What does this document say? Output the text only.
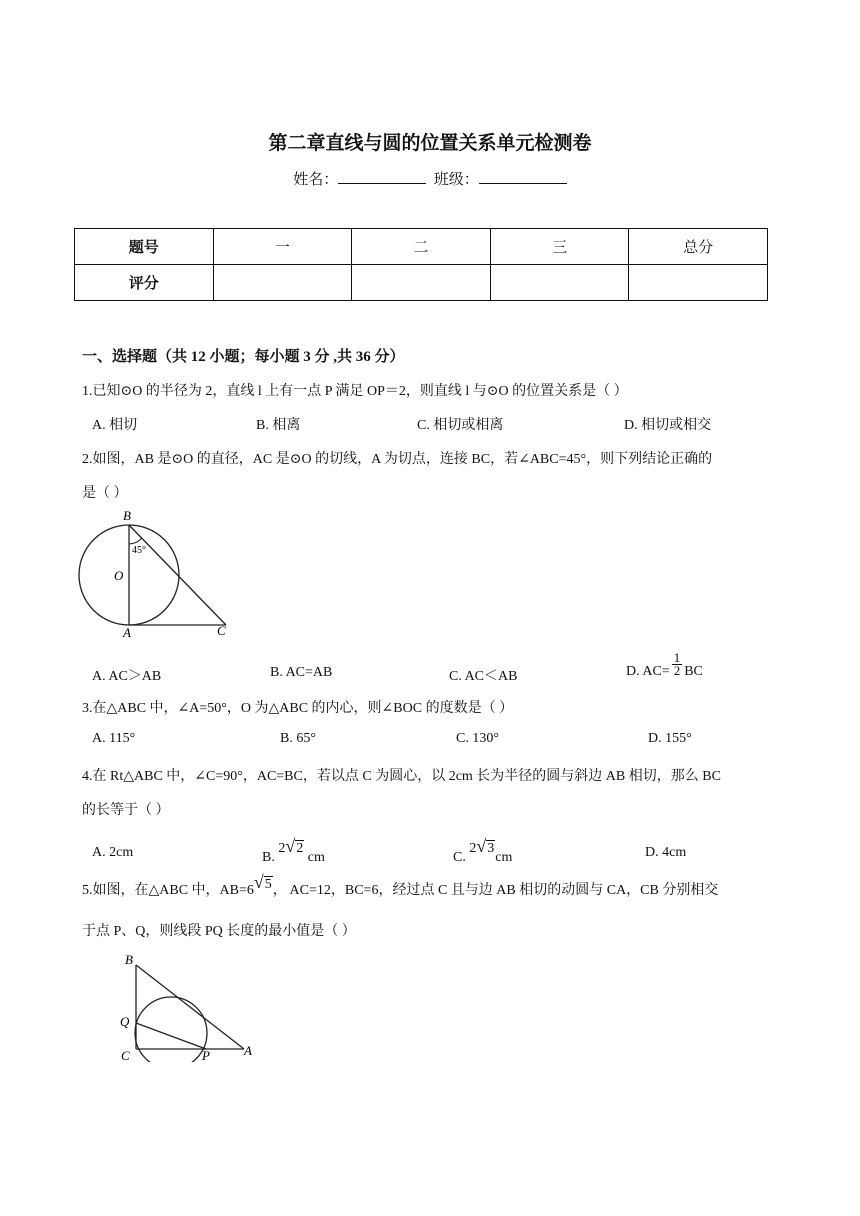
第二章直线与圆的位置关系单元检测卷
姓名：	班级：
题号	一	二	三	总分
评分				
一、选择题（共 12 小题；每小题 3 分 ,共 36 分）
1.已知⊙O 的半径为 2，直线 l 上有一点 P 满足 OP＝2，则直线 l 与⊙O 的位置关系是（ ）
A. 相切	B. 相离	C. 相切或相离	D. 相切或相交
2.如图，AB 是⊙O 的直径，AC 是⊙O 的切线，A 为切点，连接 BC，若∠ABC=45°，则下列结论正确的
是（ ）
B
45°
O
A	C
A. AC＞AB	B. AC=AB	C. AC＜AB	D. $AC= \frac{1}{2}$ BC
3.在△ABC 中，∠A=50°，O 为△ABC 的内心，则∠BOC 的度数是（ ）
A. 115°	B. 65°	C. 130°	D. 155°
4.在 Rt△ABC 中，∠C=90°，AC=BC，若以点 C 为圆心，以 2cm 长为半径的圆与斜边 AB 相切，那么 BC
的长等于（ ）
A. 2cm	B. 2√2 cm	C. 2√3cm	D. 4cm
5.如图，在△ABC 中，AB=6√5， AC=12，BC=6，经过点 C 且与边 AB 相切的动圆与 CA，CB 分别相交
于点 P、Q，则线段 PQ 长度的最小值是（ ）
B
Q
C	P	A
